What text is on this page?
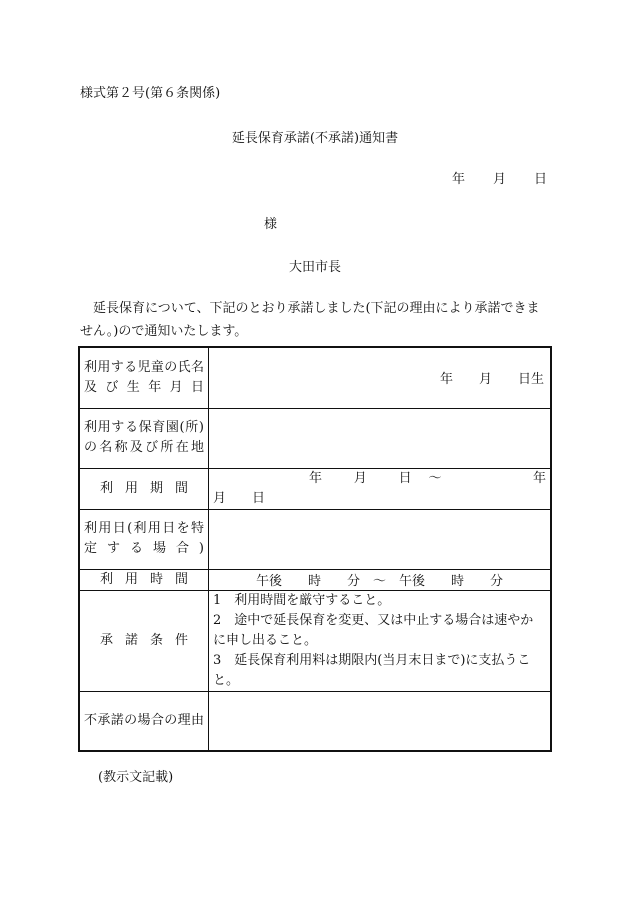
様式第２号(第６条関係)
延長保育承諾(不承諾)通知書
年 月 日
様
大田市長
延長保育について、下記のとおり承諾しました(下記の理由により承諾できません。)ので通知いたします。
利用する児童の氏名及び生年月日	年　　月　　日生
利用する保育園(所)の名称及び所在地	
利用期間	年　　月　　日　〜　　　　　　年　　月　　日
利用日(利用日を特定する場合)	
利用時間	午後　　時　　分　〜　午後　　時　　分
承諾条件	1　利用時間を厳守すること。
2　途中で延長保育を変更、又は中止する場合は速やかに申し出ること。
3　延長保育利用料は期限内(当月末日まで)に支払うこと。

不承諾の場合の理由	
(教示文記載)
